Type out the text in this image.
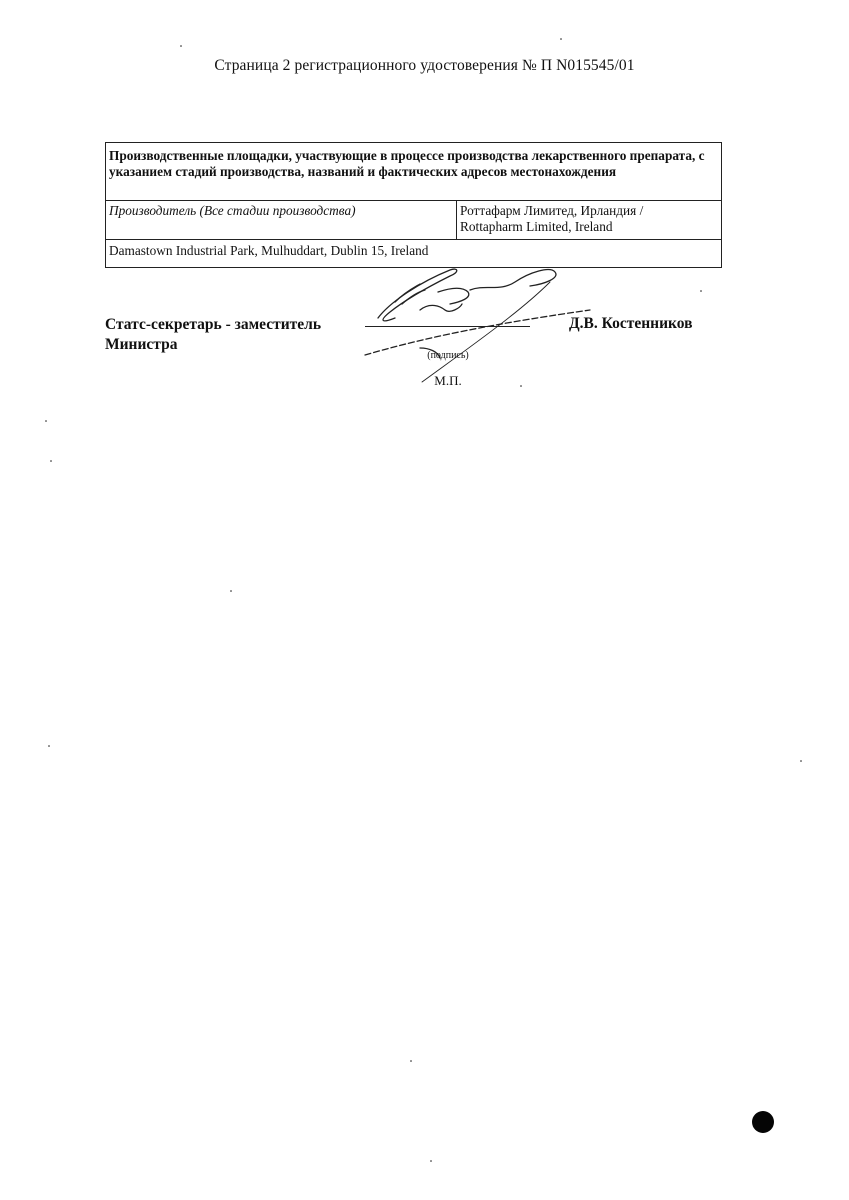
Страница 2 регистрационного удостоверения № П N015545/01
Производственные площадки, участвующие в процессе производства лекарственного препарата, с указанием стадий производства, названий и фактических адресов местонахождения
Производитель (Все стадии производства)	Роттафарм Лимитед, Ирландия /
Rottapharm Limited, Ireland

Damastown Industrial Park, Mulhuddart, Dublin 15, Ireland
Статс-секретарь - заместитель
Министра
(подпись)
М.П.
Д.В. Костенников
